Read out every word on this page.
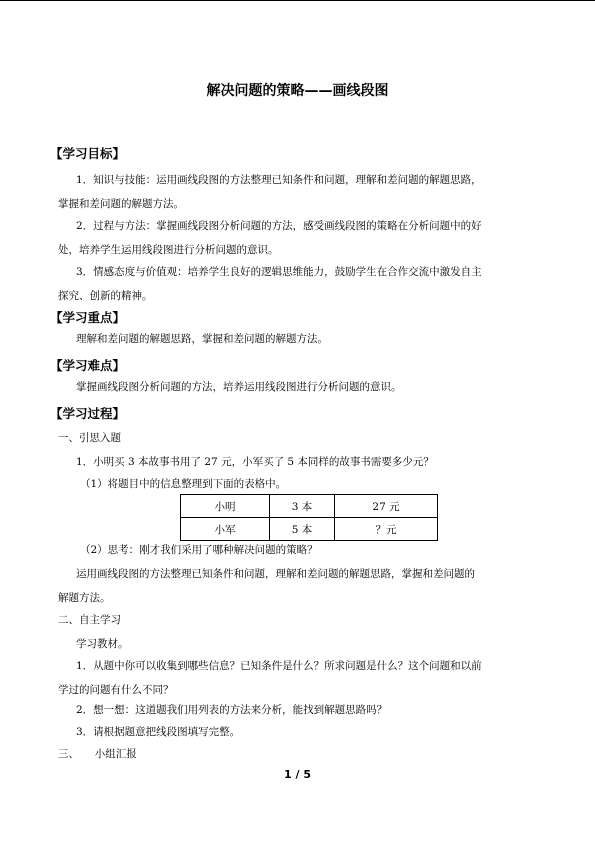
解决问题的策略——画线段图
【学习目标】
1．知识与技能：运用画线段图的方法整理已知条件和问题，理解和差问题的解题思路，
掌握和差问题的解题方法。
2．过程与方法：掌握画线段图分析问题的方法，感受画线段图的策略在分析问题中的好
处，培养学生运用线段图进行分析问题的意识。
3．情感态度与价值观：培养学生良好的逻辑思维能力，鼓励学生在合作交流中激发自主
探究、创新的精神。
【学习重点】
理解和差问题的解题思路，掌握和差问题的解题方法。
【学习难点】
掌握画线段图分析问题的方法，培养运用线段图进行分析问题的意识。
【学习过程】
一、引思入题
1．小明买 3 本故事书用了 27 元，小军买了 5 本同样的故事书需要多少元？
（1）将题目中的信息整理到下面的表格中。
小明	3 本	27 元
小军	5 本	？元
（2）思考：刚才我们采用了哪种解决问题的策略？
运用画线段图的方法整理已知条件和问题，理解和差问题的解题思路，掌握和差问题的
解题方法。
二、自主学习
学习教材。
1．从题中你可以收集到哪些信息？已知条件是什么？所求问题是什么？这个问题和以前
学过的问题有什么不同？
2．想一想：这道题我们用列表的方法来分析，能找到解题思路吗？
3．请根据题意把线段图填写完整。
三、　　小组汇报
1 / 5
